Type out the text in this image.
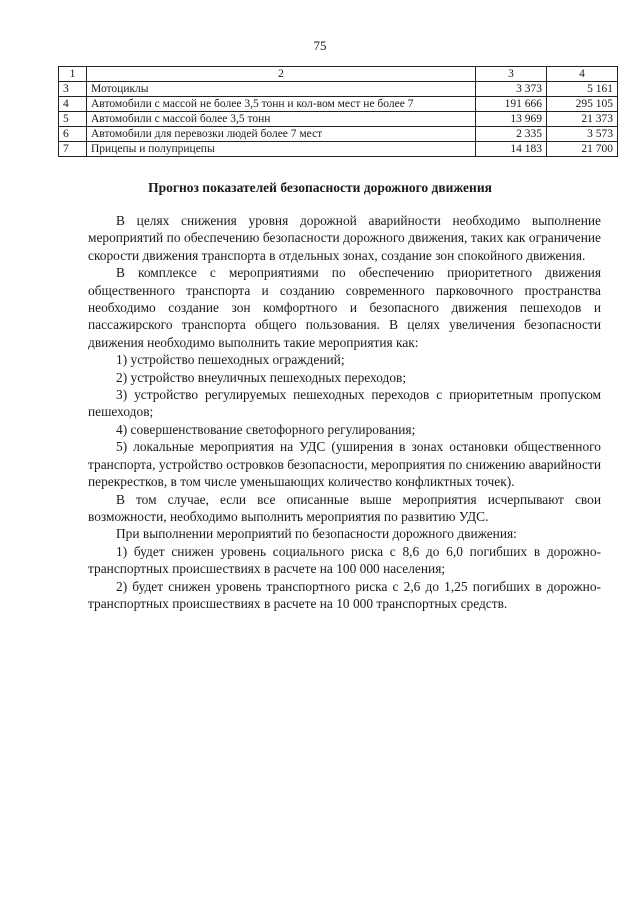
75
1	2	3	4
3	Мотоциклы	3 373	5 161
4	Автомобили с массой не более 3,5 тонн и кол-вом мест не более 7	191 666	295 105
5	Автомобили с массой более 3,5 тонн	13 969	21 373
6	Автомобили для перевозки людей более 7 мест	2 335	3 573
7	Прицепы и полуприцепы	14 183	21 700
Прогноз показателей безопасности дорожного движения

В целях снижения уровня дорожной аварийности необходимо выполнение мероприятий по обеспечению безопасности дорожного движения, таких как ограничение скорости движения транспорта в отдельных зонах, создание зон спокойного движения.

В комплексе с мероприятиями по обеспечению приоритетного движения общественного транспорта и созданию современного парковочного пространства необходимо создание зон комфортного и безопасного движения пешеходов и пассажирского транспорта общего пользования. В целях увеличения безопасности движения необходимо выполнить такие мероприятия как:

1) устройство пешеходных ограждений;

2) устройство внеуличных пешеходных переходов;

3) устройство регулируемых пешеходных переходов с приоритетным пропуском пешеходов;

4) совершенствование светофорного регулирования;

5) локальные мероприятия на УДС (уширения в зонах остановки общественного транспорта, устройство островков безопасности, мероприятия по снижению аварийности перекрестков, в том числе уменьшающих количество конфликтных точек).

В том случае, если все описанные выше мероприятия исчерпывают свои возможности, необходимо выполнить мероприятия по развитию УДС.

При выполнении мероприятий по безопасности дорожного движения:

1) будет снижен уровень социального риска с 8,6 до 6,0 погибших в дорожно-транспортных происшествиях в расчете на 100 000 населения;

2) будет снижен уровень транспортного риска с 2,6 до 1,25 погибших в дорожно-транспортных происшествиях в расчете на 10 000 транспортных средств.
